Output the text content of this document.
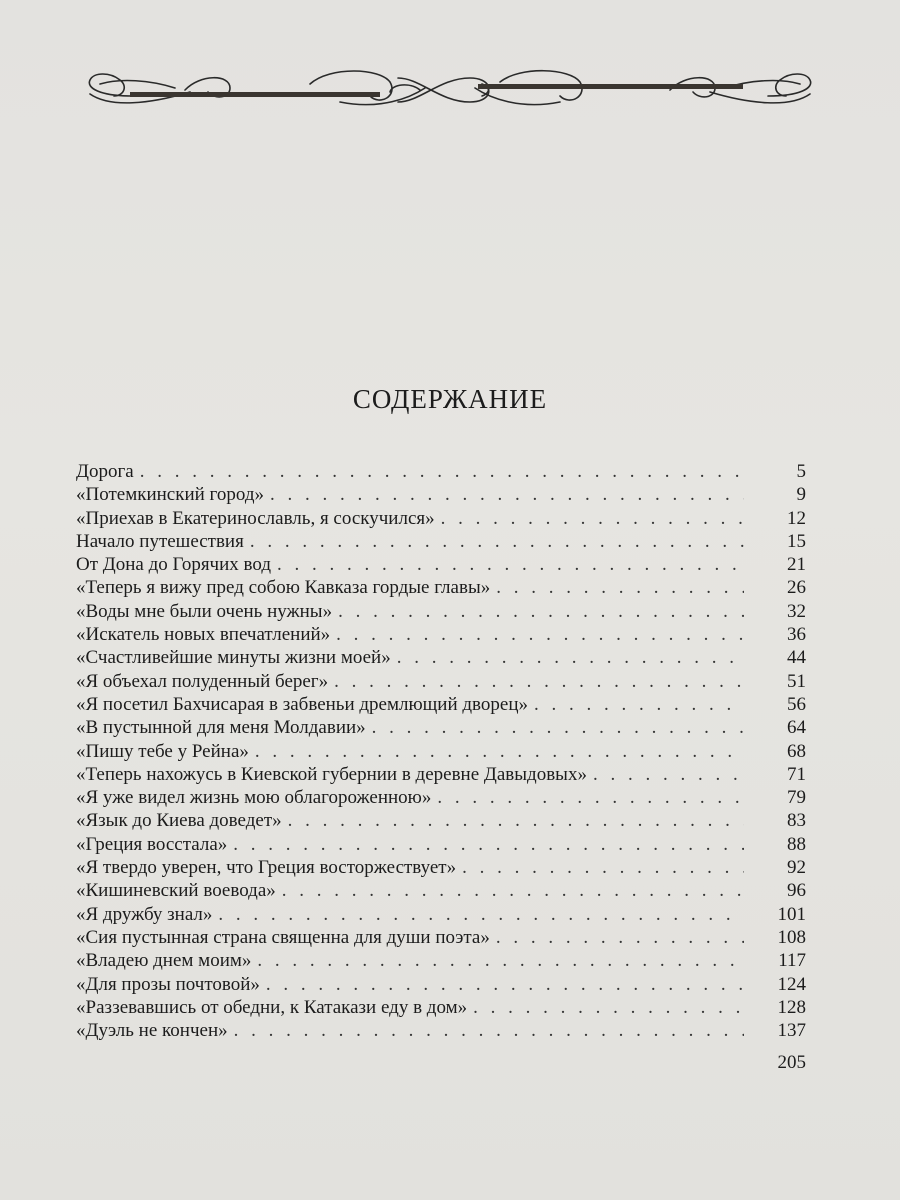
СОДЕРЖАНИЕ
Дорога . . .	5
«Потемкинский город» . . .	9
«Приехав в Екатеринославль, я соскучился» . . .	12
Начало путешествия . . .	15
От Дона до Горячих вод . . .	21
«Теперь я вижу пред собою Кавказа гордые главы» . . .	26
«Воды мне были очень нужны» . . .	32
«Искатель новых впечатлений» . . .	36
«Счастливейшие минуты жизни моей» . . .	44
«Я объехал полуденный берег» . . .	51
«Я посетил Бахчисарая в забвеньи дремлющий дворец» . . .	56
«В пустынной для меня Молдавии» . . .	64
«Пишу тебе у Рейна» . . .	68
«Теперь нахожусь в Киевской губернии в деревне Давыдовых» . . .	71
«Я уже видел жизнь мою облагороженною» . . .	79
«Язык до Киева доведет» . . .	83
«Греция восстала» . . .	88
«Я твердо уверен, что Греция восторжествует» . . .	92
«Кишиневский воевода» . . .	96
«Я дружбу знал» . . .	101
«Сия пустынная страна священна для души поэта» . . .	108
«Владею днем моим» . . .	117
«Для прозы почтовой» . . .	124
«Раззевавшись от обедни, к Катакази еду в дом» . . .	128
«Дуэль не кончен» . . .	137
205
